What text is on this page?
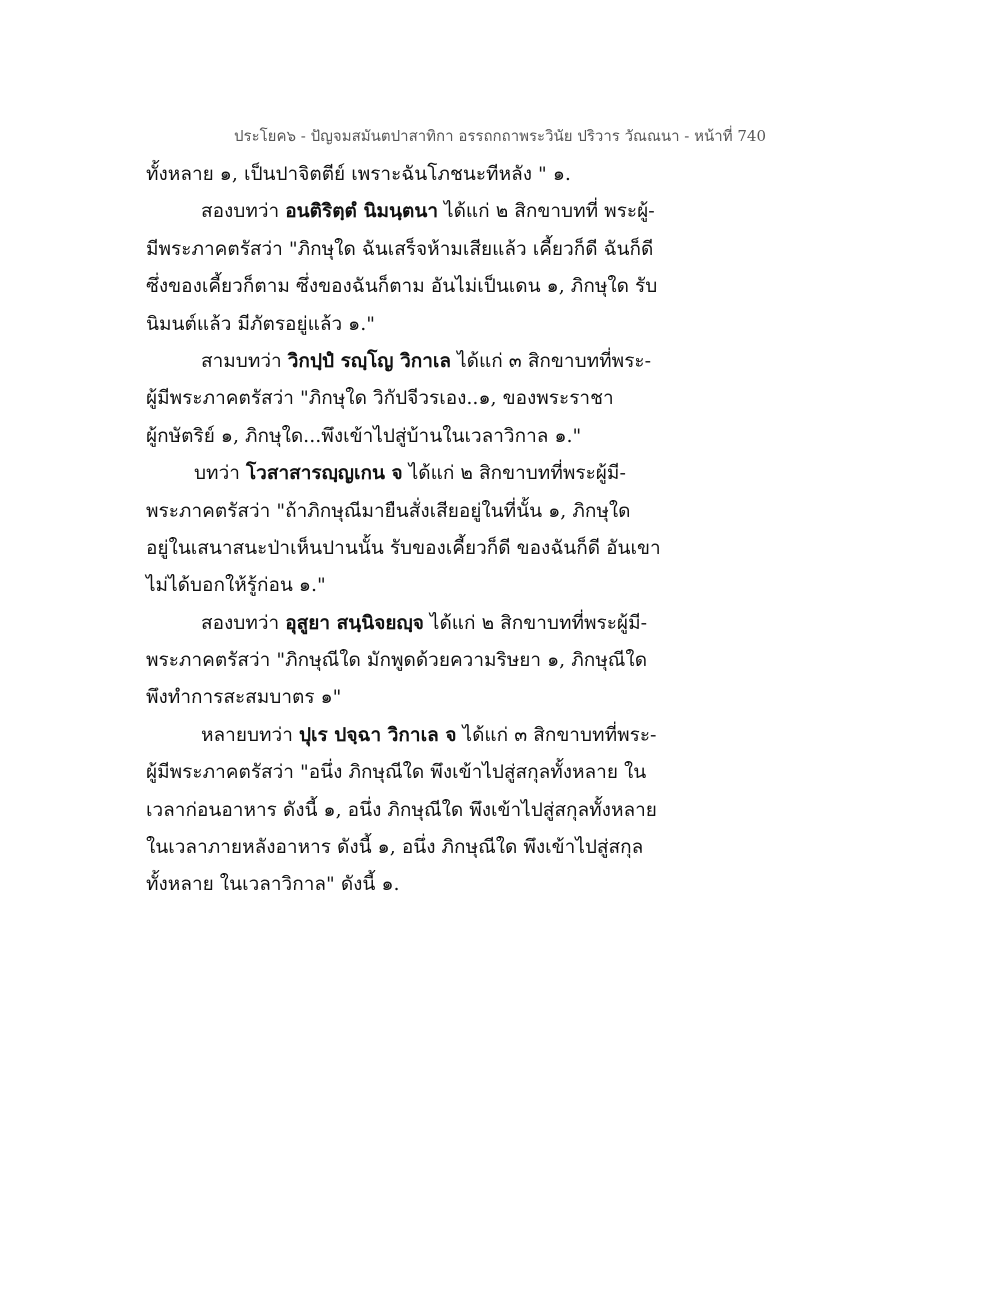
ประโยค๖ - ปัญจมสมันตปาสาทิกา อรรถกถาพระวินัย ปริวาร วัณณนา - หน้าที่ 740
ทั้งหลาย ๑, เป็นปาจิตตีย์ เพราะฉันโภชนะทีหลัง " ๑.
สองบทว่า อนติริตฺตํ นิมนฺตนา ได้แก่ ๒ สิกขาบทที่ พระผู้-
มีพระภาคตรัสว่า "ภิกษุใด ฉันเสร็จห้ามเสียแล้ว เคี้ยวก็ดี ฉันก็ดี
ซึ่งของเคี้ยวก็ตาม ซึ่งของฉันก็ตาม อันไม่เป็นเดน ๑, ภิกษุใด รับ
นิมนต์แล้ว มีภัตรอยู่แล้ว ๑."
สามบทว่า วิกปฺปํ รญฺโญ วิกาเล ได้แก่ ๓ สิกขาบทที่พระ-
ผู้มีพระภาคตรัสว่า "ภิกษุใด วิกัปจีวรเอง..๑, ของพระราชา
ผู้กษัตริย์ ๑, ภิกษุใด...พึงเข้าไปสู่บ้านในเวลาวิกาล ๑."
บทว่า โวสาสารญฺญเกน จ ได้แก่ ๒ สิกขาบทที่พระผู้มี-
พระภาคตรัสว่า "ถ้าภิกษุณีมายืนสั่งเสียอยู่ในที่นั้น ๑, ภิกษุใด
อยู่ในเสนาสนะป่าเห็นปานนั้น รับของเคี้ยวก็ดี ของฉันก็ดี อันเขา
ไม่ได้บอกให้รู้ก่อน ๑."
สองบทว่า อุสูยา สนฺนิจยญฺจ ได้แก่ ๒ สิกขาบทที่พระผู้มี-
พระภาคตรัสว่า "ภิกษุณีใด มักพูดด้วยความริษยา ๑, ภิกษุณีใด
พึงทำการสะสมบาตร ๑"
หลายบทว่า ปุเร ปจฺฉา วิกาเล จ ได้แก่ ๓ สิกขาบทที่พระ-
ผู้มีพระภาคตรัสว่า "อนึ่ง ภิกษุณีใด พึงเข้าไปสู่สกุลทั้งหลาย ใน
เวลาก่อนอาหาร ดังนี้ ๑, อนึ่ง ภิกษุณีใด พึงเข้าไปสู่สกุลทั้งหลาย
ในเวลาภายหลังอาหาร ดังนี้ ๑, อนึ่ง ภิกษุณีใด พึงเข้าไปสู่สกุล
ทั้งหลาย ในเวลาวิกาล" ดังนี้ ๑.
